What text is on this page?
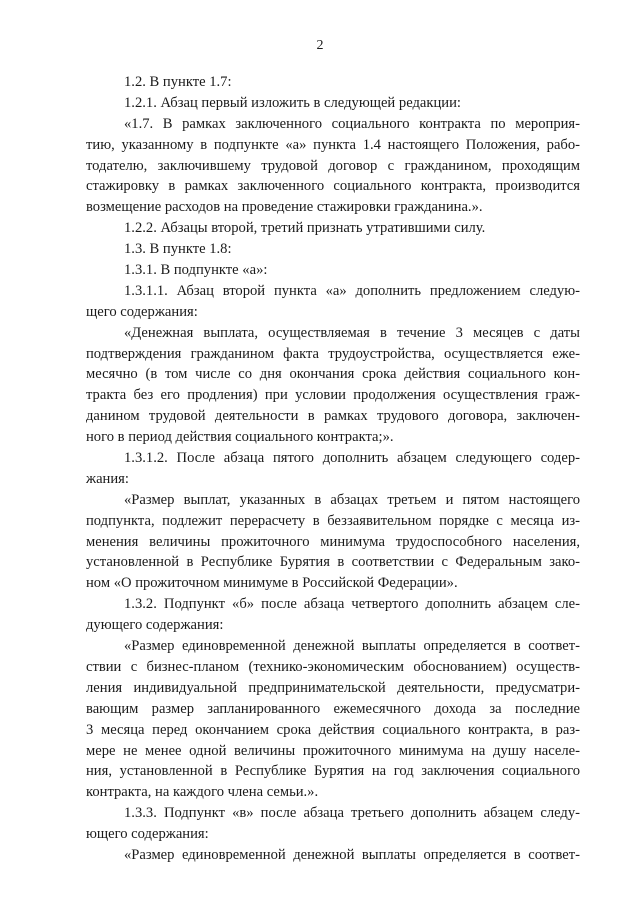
2
1.2. В пункте 1.7:
1.2.1. Абзац первый изложить в следующей редакции:
«1.7. В рамках заключенного социального контракта по мероприя-
тию, указанному в подпункте «а» пункта 1.4 настоящего Положения, рабо-
тодателю, заключившему трудовой договор с гражданином, проходящим
стажировку в рамках заключенного социального контракта, производится
возмещение расходов на проведение стажировки гражданина.».
1.2.2. Абзацы второй, третий признать утратившими силу.
1.3. В пункте 1.8:
1.3.1. В подпункте «а»:
1.3.1.1. Абзац второй пункта «а» дополнить предложением следую-
щего содержания:
«Денежная выплата, осуществляемая в течение 3 месяцев с даты
подтверждения гражданином факта трудоустройства, осуществляется еже-
месячно (в том числе со дня окончания срока действия социального кон-
тракта без его продления) при условии продолжения осуществления граж-
данином трудовой деятельности в рамках трудового договора, заключен-
ного в период действия социального контракта;».
1.3.1.2. После абзаца пятого дополнить абзацем следующего содер-
жания:
«Размер выплат, указанных в абзацах третьем и пятом настоящего
подпункта, подлежит перерасчету в беззаявительном порядке с месяца из-
менения величины прожиточного минимума трудоспособного населения,
установленной в Республике Бурятия в соответствии с Федеральным зако-
ном «О прожиточном минимуме в Российской Федерации».
1.3.2. Подпункт «б» после абзаца четвертого дополнить абзацем сле-
дующего содержания:
«Размер единовременной денежной выплаты определяется в соответ-
ствии с бизнес-планом (технико-экономическим обоснованием) осуществ-
ления индивидуальной предпринимательской деятельности, предусматри-
вающим размер запланированного ежемесячного дохода за последние
3 месяца перед окончанием срока действия социального контракта, в раз-
мере не менее одной величины прожиточного минимума на душу населе-
ния, установленной в Республике Бурятия на год заключения социального
контракта, на каждого члена семьи.».
1.3.3. Подпункт «в» после абзаца третьего дополнить абзацем следу-
ющего содержания:
«Размер единовременной денежной выплаты определяется в соответ-
